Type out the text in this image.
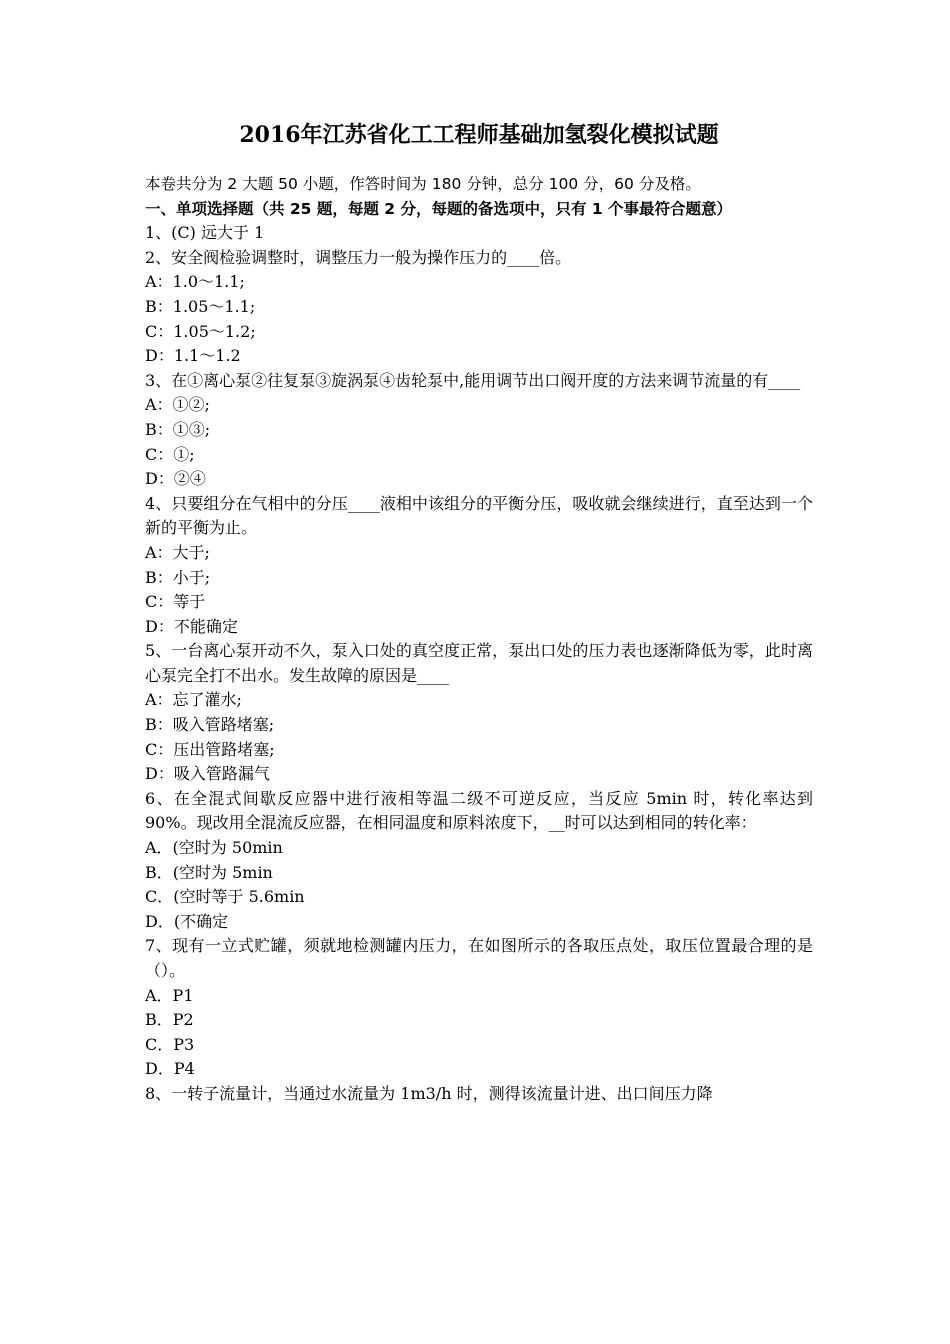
2016年江苏省化工工程师基础加氢裂化模拟试题
本卷共分为 2 大题 50 小题，作答时间为 180 分钟，总分 100 分，60 分及格。
一、单项选择题（共 25 题，每题 2 分，每题的备选项中，只有 1 个事最符合题意）
1、(C) 远大于 1
2、安全阀检验调整时，调整压力一般为操作压力的____倍。
A：1.0～1.1;
B：1.05～1.1;
C：1.05～1.2;
D：1.1～1.2
3、在①离心泵②往复泵③旋涡泵④齿轮泵中,能用调节出口阀开度的方法来调节流量的有____
A：①②;
B：①③;
C：①;
D：②④
4、只要组分在气相中的分压____液相中该组分的平衡分压，吸收就会继续进行，直至达到一个新的平衡为止。
A：大于;
B：小于;
C：等于
D：不能确定
5、一台离心泵开动不久，泵入口处的真空度正常，泵出口处的压力表也逐渐降低为零，此时离心泵完全打不出水。发生故障的原因是____
A：忘了灌水;
B：吸入管路堵塞;
C：压出管路堵塞;
D：吸入管路漏气
6、在全混式间歇反应器中进行液相等温二级不可逆反应，当反应 5min 时，转化率达到 90%。现改用全混流反应器，在相同温度和原料浓度下，__时可以达到相同的转化率：
A．(空时为 50min
B．(空时为 5min
C．(空时等于 5.6min
D．(不确定
7、现有一立式贮罐，须就地检测罐内压力，在如图所示的各取压点处，取压位置最合理的是（）。
A．P1
B．P2
C．P3
D．P4
8、一转子流量计，当通过水流量为 1m3/h 时，测得该流量计进、出口间压力降
